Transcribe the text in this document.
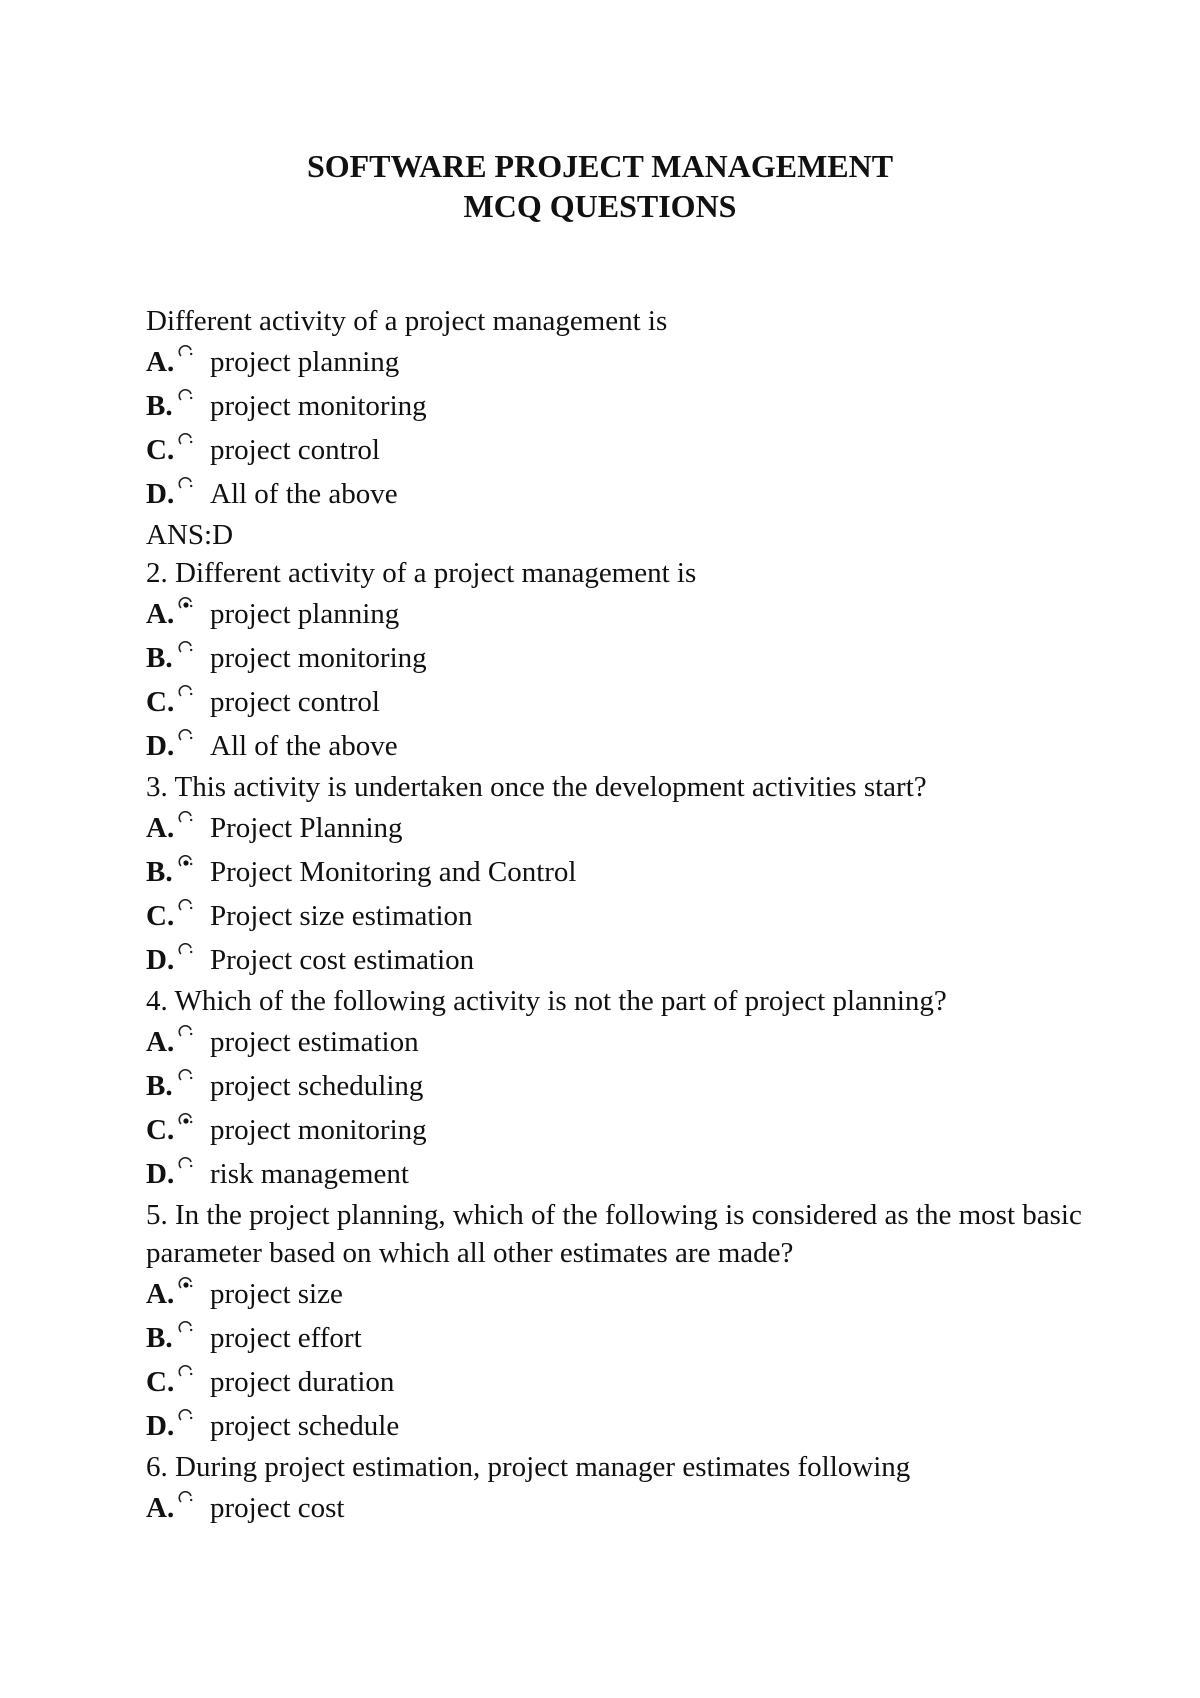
SOFTWARE PROJECT MANAGEMENT
MCQ QUESTIONS
Different activity of a project management is
A. project planning
B. project monitoring
C. project control
D. All of the above
ANS:D
2. Different activity of a project management is
A. project planning
B. project monitoring
C. project control
D. All of the above
3. This activity is undertaken once the development activities start?
A. Project Planning
B. Project Monitoring and Control
C. Project size estimation
D. Project cost estimation
4. Which of the following activity is not the part of project planning?
A. project estimation
B. project scheduling
C. project monitoring
D. risk management
5. In the project planning, which of the following is considered as the most basic parameter based on which all other estimates are made?
A. project size
B. project effort
C. project duration
D. project schedule
6. During project estimation, project manager estimates following
A. project cost
